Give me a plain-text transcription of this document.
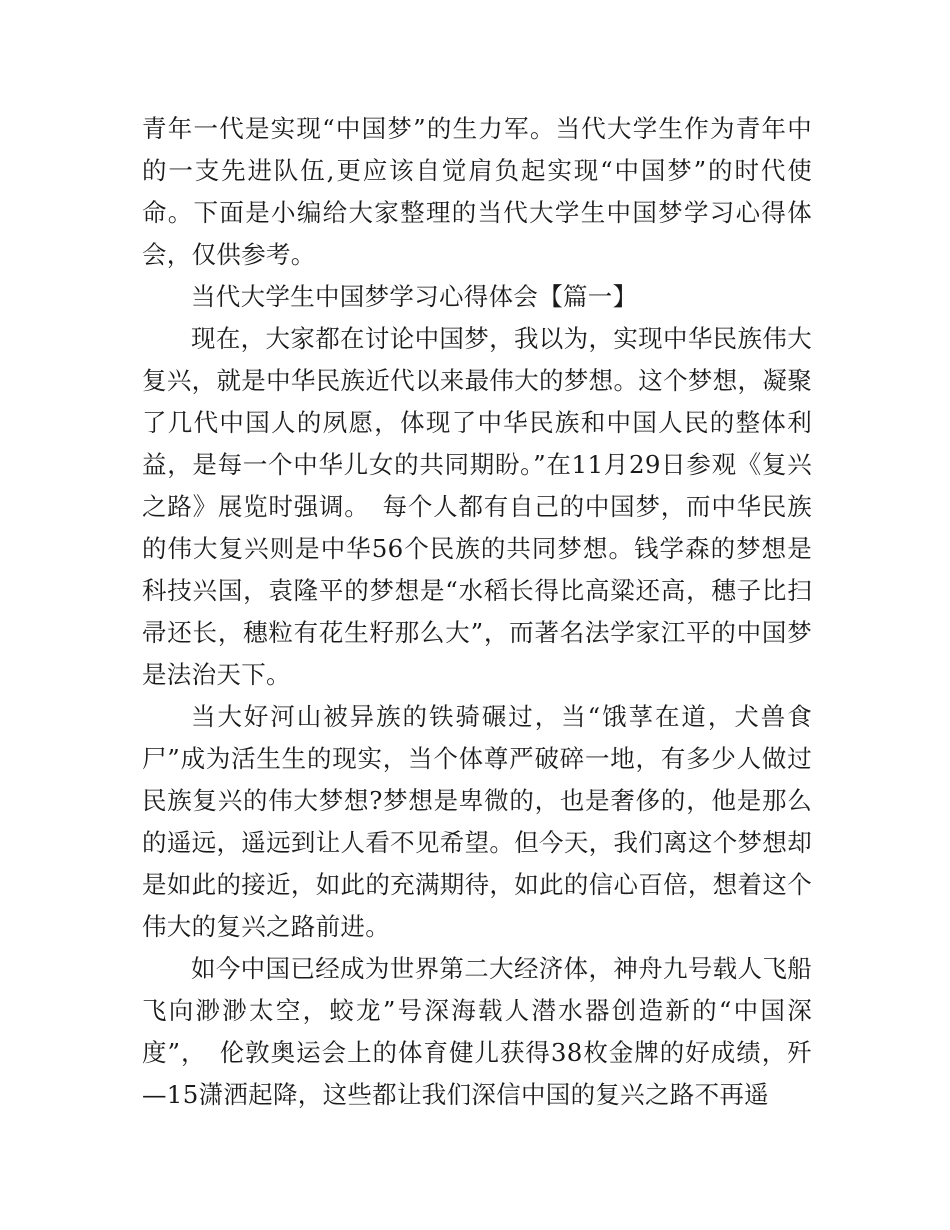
青年一代是实现“中国梦”的生力军。当代大学生作为青年中的一支先进队伍,更应该自觉肩负起实现“中国梦”的时代使命。下面是小编给大家整理的当代大学生中国梦学习心得体会，仅供参考。

当代大学生中国梦学习心得体会【篇一】

现在，大家都在讨论中国梦，我以为，实现中华民族伟大复兴，就是中华民族近代以来最伟大的梦想。这个梦想，凝聚了几代中国人的夙愿，体现了中华民族和中国人民的整体利益，是每一个中华儿女的共同期盼。”在11月29日参观《复兴之路》展览时强调。　每个人都有自己的中国梦，而中华民族的伟大复兴则是中华56个民族的共同梦想。钱学森的梦想是科技兴国，袁隆平的梦想是“水稻长得比高粱还高，穗子比扫帚还长，穗粒有花生籽那么大”，而著名法学家江平的中国梦是法治天下。

当大好河山被异族的铁骑碾过，当“饿莩在道，犬兽食尸”成为活生生的现实，当个体尊严破碎一地，有多少人做过民族复兴的伟大梦想?梦想是卑微的，也是奢侈的，他是那么的遥远，遥远到让人看不见希望。但今天，我们离这个梦想却是如此的接近，如此的充满期待，如此的信心百倍，想着这个伟大的复兴之路前进。

如今中国已经成为世界第二大经济体，神舟九号载人飞船飞向渺渺太空，蛟龙”号深海载人潜水器创造新的“中国深度”，　伦敦奥运会上的体育健儿获得38枚金牌的好成绩，歼—15潇洒起降，这些都让我们深信中国的复兴之路不再遥
